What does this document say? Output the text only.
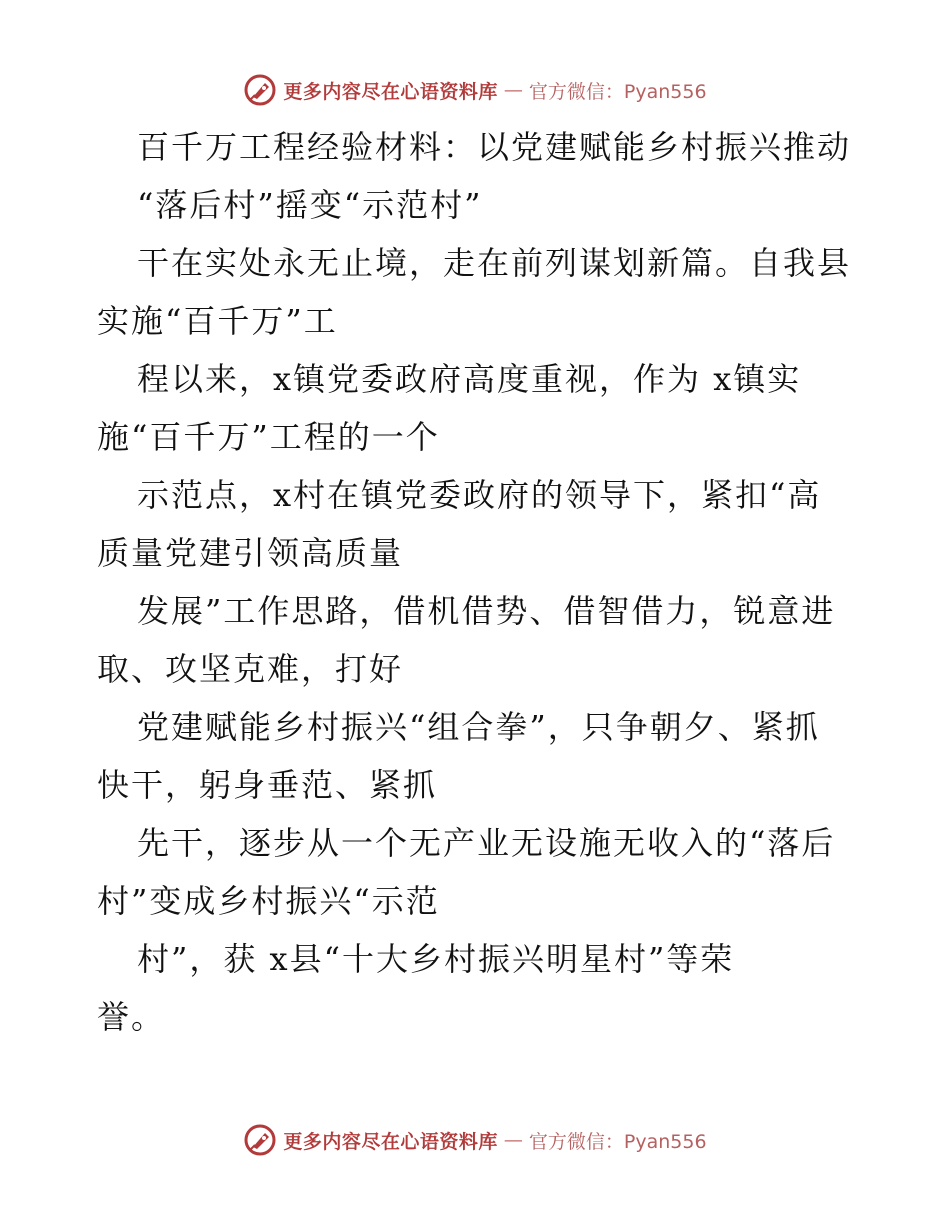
更多内容尽在心语资料库 — 官方微信：Pyan556

百千万工程经验材料：以党建赋能乡村振兴推动

“落后村”摇变“示范村”

干在实处永无止境，走在前列谋划新篇。自我县

实施“百千万”工

程以来，x镇党委政府高度重视，作为 x镇实

施“百千万”工程的一个

示范点，x村在镇党委政府的领导下，紧扣“高

质量党建引领高质量

发展”工作思路，借机借势、借智借力，锐意进

取、攻坚克难，打好

党建赋能乡村振兴“组合拳”，只争朝夕、紧抓

快干，躬身垂范、紧抓

先干，逐步从一个无产业无设施无收入的“落后

村”变成乡村振兴“示范

村”，获 x县“十大乡村振兴明星村”等荣

誉。

更多内容尽在心语资料库 — 官方微信：Pyan556
